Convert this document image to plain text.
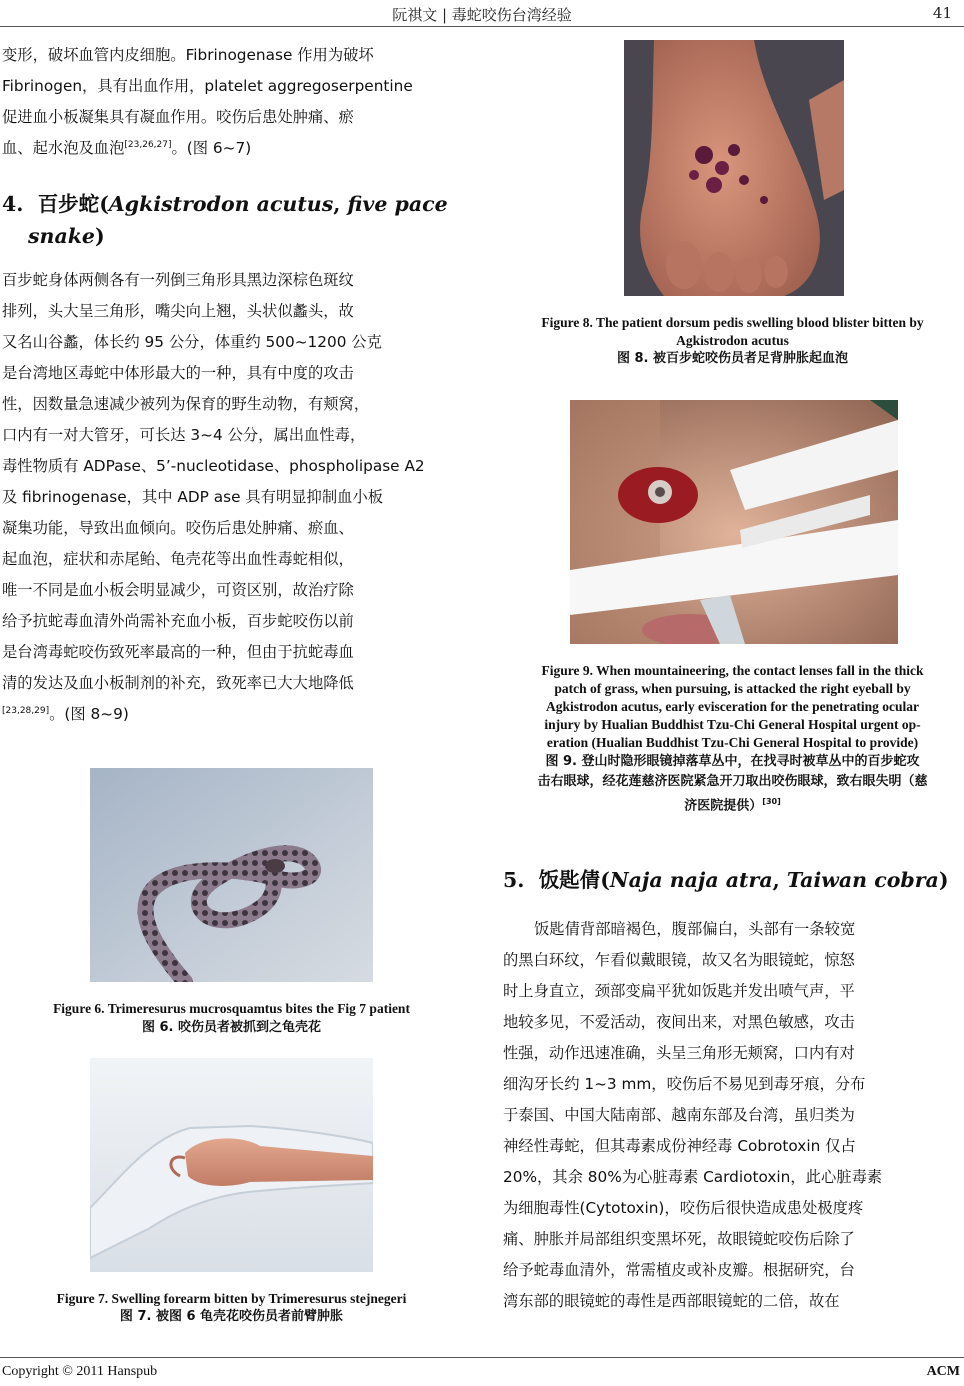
阮祺文 | 毒蛇咬伤台湾经验	41

变形，破坏血管内皮细胞。Fibrinogenase 作用为破坏

Fibrinogen，具有出血作用，platelet aggregoserpentine

促进血小板凝集具有凝血作用。咬伤后患处肿痛、瘀

血、起水泡及血泡[23,26,27]。(图 6~7)

4. 百步蛇(Agkistrodon acutus, five pace
snake)

百步蛇身体两侧各有一列倒三角形具黑边深棕色斑纹

排列，头大呈三角形，嘴尖向上翘，头状似蠡头，故

又名山谷蠡，体长约 95 公分，体重约 500~1200 公克

是台湾地区毒蛇中体形最大的一种，具有中度的攻击

性，因数量急速减少被列为保育的野生动物，有颊窝，

口内有一对大管牙，可长达 3~4 公分，属出血性毒，

毒性物质有 ADPase、5’-nucleotidase、phospholipase A2

及 fibrinogenase，其中 ADP ase 具有明显抑制血小板

凝集功能，导致出血倾向。咬伤后患处肿痛、瘀血、

起血泡，症状和赤尾鲐、龟壳花等出血性毒蛇相似，

唯一不同是血小板会明显减少，可资区别，故治疗除

给予抗蛇毒血清外尚需补充血小板，百步蛇咬伤以前

是台湾毒蛇咬伤致死率最高的一种，但由于抗蛇毒血

清的发达及血小板制剂的补充，致死率已大大地降低

[23,28,29]。(图 8~9)

Figure 6. Trimeresurus mucrosquamtus bites the Fig 7 patient
图 6. 咬伤员者被抓到之龟壳花
Figure 7. Swelling forearm bitten by Trimeresurus stejnegeri
图 7. 被图 6 龟壳花咬伤员者前臂肿胀
Figure 8. The patient dorsum pedis swelling blood blister bitten by
Agkistrodon acutus
图 8. 被百步蛇咬伤员者足背肿胀起血泡
Figure 9. When mountaineering, the contact lenses fall in the thick
patch of grass, when pursuing, is attacked the right eyeball by
Agkistrodon acutus, early evisceration for the penetrating ocular
injury by Hualian Buddhist Tzu-Chi General Hospital urgent op-
eration (Hualian Buddhist Tzu-Chi General Hospital to provide)
图 9. 登山时隐形眼镜掉落草丛中，在找寻时被草丛中的百步蛇攻
击右眼球，经花莲慈济医院紧急开刀取出咬伤眼球，致右眼失明（慈
济医院提供）[30]
5. 饭匙倩(Naja naja atra, Taiwan cobra)

饭匙倩背部暗褐色，腹部偏白，头部有一条较宽

的黑白环纹，乍看似戴眼镜，故又名为眼镜蛇，惊怒

时上身直立，颈部变扁平犹如饭匙并发出喷气声，平

地较多见，不爱活动，夜间出来，对黑色敏感，攻击

性强，动作迅速准确，头呈三角形无颊窝，口内有对

细沟牙长约 1~3 mm，咬伤后不易见到毒牙痕，分布

于泰国、中国大陆南部、越南东部及台湾，虽归类为

神经性毒蛇，但其毒素成份神经毒 Cobrotoxin 仅占

20%，其余 80%为心脏毒素 Cardiotoxin，此心脏毒素

为细胞毒性(Cytotoxin)，咬伤后很快造成患处极度疼

痛、肿胀并局部组织变黑坏死，故眼镜蛇咬伤后除了

给予蛇毒血清外，常需植皮或补皮瓣。根据研究，台

湾东部的眼镜蛇的毒性是西部眼镜蛇的二倍，故在

Copyright © 2011 Hanspub	ACM
